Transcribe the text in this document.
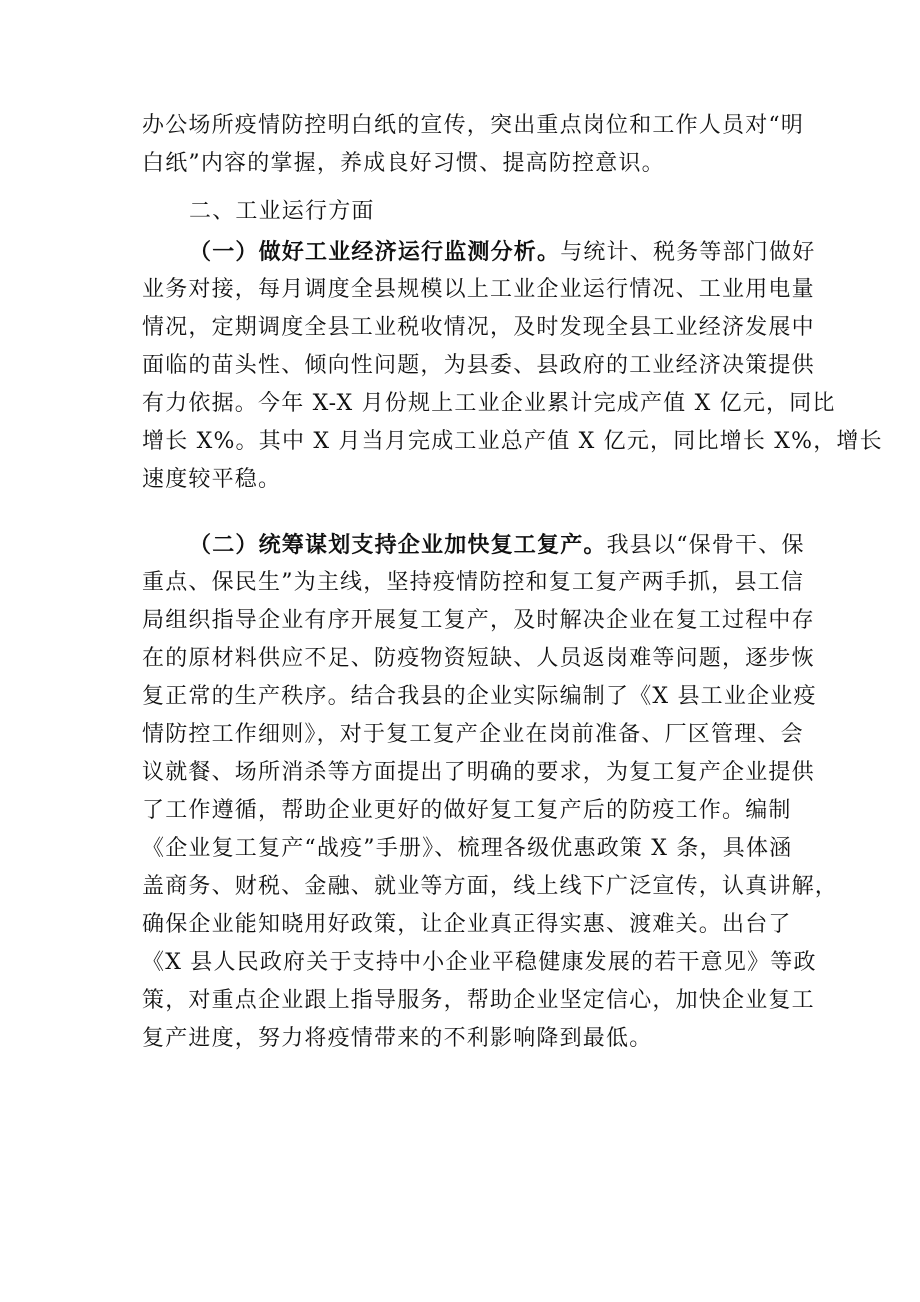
办公场所疫情防控明白纸的宣传，突出重点岗位和工作人员对“明
白纸”内容的掌握，养成良好习惯、提高防控意识。
二、工业运行方面
（一）做好工业经济运行监测分析。与统计、税务等部门做好
业务对接，每月调度全县规模以上工业企业运行情况、工业用电量
情况，定期调度全县工业税收情况，及时发现全县工业经济发展中
面临的苗头性、倾向性问题，为县委、县政府的工业经济决策提供
有力依据。今年 X-X 月份规上工业企业累计完成产值 X 亿元，同比
增长 X%。其中 X 月当月完成工业总产值 X 亿元，同比增长 X%，增长
速度较平稳。
（二）统筹谋划支持企业加快复工复产。我县以“保骨干、保
重点、保民生”为主线，坚持疫情防控和复工复产两手抓，县工信
局组织指导企业有序开展复工复产，及时解决企业在复工过程中存
在的原材料供应不足、防疫物资短缺、人员返岗难等问题，逐步恢
复正常的生产秩序。结合我县的企业实际编制了《X 县工业企业疫
情防控工作细则》，对于复工复产企业在岗前准备、厂区管理、会
议就餐、场所消杀等方面提出了明确的要求，为复工复产企业提供
了工作遵循，帮助企业更好的做好复工复产后的防疫工作。编制
《企业复工复产“战疫”手册》、梳理各级优惠政策 X 条，具体涵
盖商务、财税、金融、就业等方面，线上线下广泛宣传，认真讲解，
确保企业能知晓用好政策，让企业真正得实惠、渡难关。出台了
《X 县人民政府关于支持中小企业平稳健康发展的若干意见》等政
策，对重点企业跟上指导服务，帮助企业坚定信心，加快企业复工
复产进度，努力将疫情带来的不利影响降到最低。
